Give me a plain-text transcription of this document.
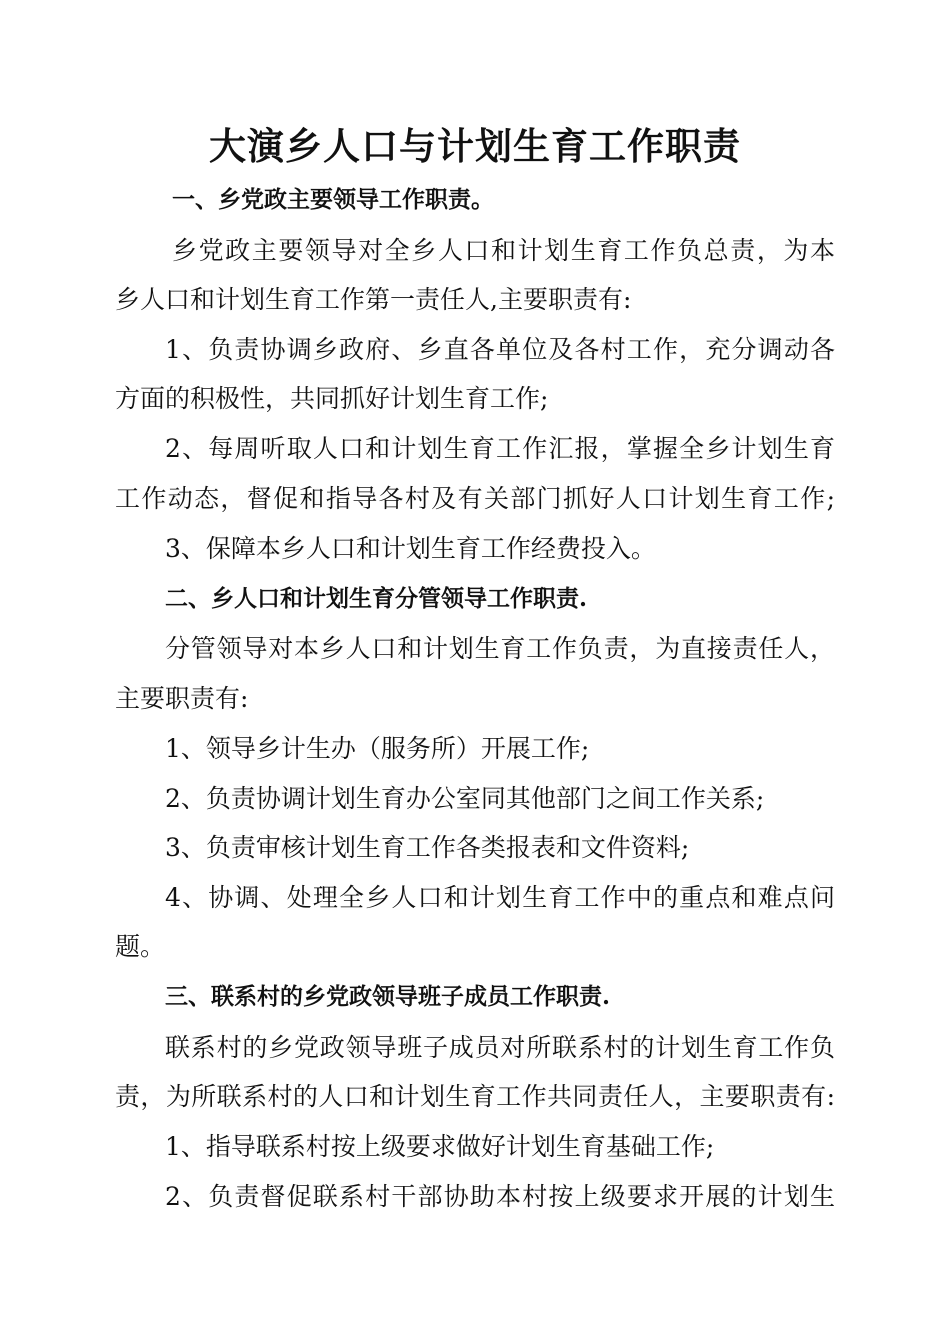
大演乡人口与计划生育工作职责
一、乡党政主要领导工作职责。
乡党政主要领导对全乡人口和计划生育工作负总责，为本
乡人口和计划生育工作第一责任人,主要职责有:
1、负责协调乡政府、乡直各单位及各村工作，充分调动各
方面的积极性，共同抓好计划生育工作;
2、每周听取人口和计划生育工作汇报，掌握全乡计划生育
工作动态，督促和指导各村及有关部门抓好人口计划生育工作;
3、保障本乡人口和计划生育工作经费投入。
二、乡人口和计划生育分管领导工作职责.
分管领导对本乡人口和计划生育工作负责，为直接责任人，
主要职责有:
1、领导乡计生办（服务所）开展工作;
2、负责协调计划生育办公室同其他部门之间工作关系;
3、负责审核计划生育工作各类报表和文件资料;
4、协调、处理全乡人口和计划生育工作中的重点和难点问
题。
三、联系村的乡党政领导班子成员工作职责.
联系村的乡党政领导班子成员对所联系村的计划生育工作负
责，为所联系村的人口和计划生育工作共同责任人，主要职责有:
1、指导联系村按上级要求做好计划生育基础工作;
2、负责督促联系村干部协助本村按上级要求开展的计划生
